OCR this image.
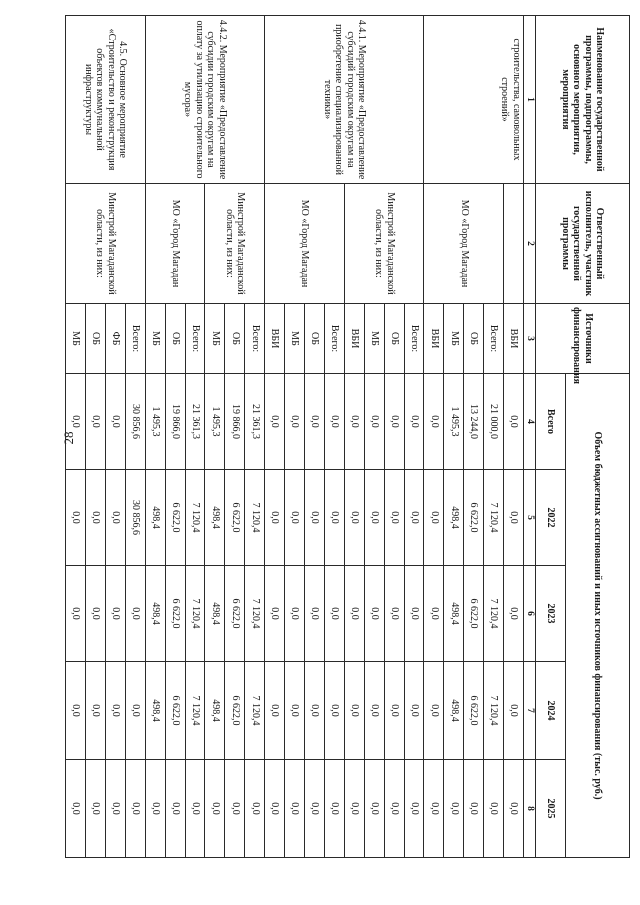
28
Наименование государственной программы, подпрограммы, основного мероприятия, мероприятия	Ответственный исполнитель, участник государственной программы	Источники финансирования	Объем бюджетных ассигнований и иных источников финансирования (тыс. руб.)				
			Всего	2022	2023	2024	2025
1	2	3	4	5	6	7	8
строительства, самовольных строений»		ВБИ	0,0	0,0	0,0	0,0	0,0
	МО «Город Магадан	Всего:	21 000,0	7 120,4	7 120,4	7 120,4	0,0
		ОБ	13 244,0	6 622,0	6 622,0	6 622,0	0,0
		МБ	1 495,3	498,4	498,4	498,4	0,0
		ВБИ	0,0	0,0	0,0	0,0	0,0
4.4.1. Мероприятие «Предоставление субсидий городским округам на приобретение специализированной техники»	Минстрой Магаданской области, из них:	Всего:	0,0	0,0	0,0	0,0	0,0
		ОБ	0,0	0,0	0,0	0,0	0,0
		МБ	0,0	0,0	0,0	0,0	0,0
		ВБИ	0,0	0,0	0,0	0,0	0,0
	МО «Город Магадан	Всего:	0,0	0,0	0,0	0,0	0,0
		ОБ	0,0	0,0	0,0	0,0	0,0
		МБ	0,0	0,0	0,0	0,0	0,0
		ВБИ	0,0	0,0	0,0	0,0	0,0
4.4.2. Мероприятие «Предоставление субсидии городским округам на оплату за утилизацию строительного мусора»	Минстрой Магаданской области, из них:	Всего:	21 361,3	7 120,4	7 120,4	7 120,4	0,0
		ОБ	19 866,0	6 622,0	6 622,0	6 622,0	0,0
		МБ	1 495,3	498,4	498,4	498,4	0,0
	МО «Город Магадан	Всего:	21 361,3	7 120,4	7 120,4	7 120,4	0,0
		ОБ	19 866,0	6 622,0	6 622,0	6 622,0	0,0
		МБ	1 495,3	498,4	498,4	498,4	0,0
4.5. Основное мероприятие «Строительство и реконструкция объектов коммунальной инфраструктуры	Минстрой Магаданской области, из них:	Всего:	30 856,6	30 856,6	0,0	0,0	0,0
		ФБ	0,0	0,0	0,0	0,0	0,0
		ОБ	0,0	0,0	0,0	0,0	0,0
		МБ	0,0	0,0	0,0	0,0	0,0
